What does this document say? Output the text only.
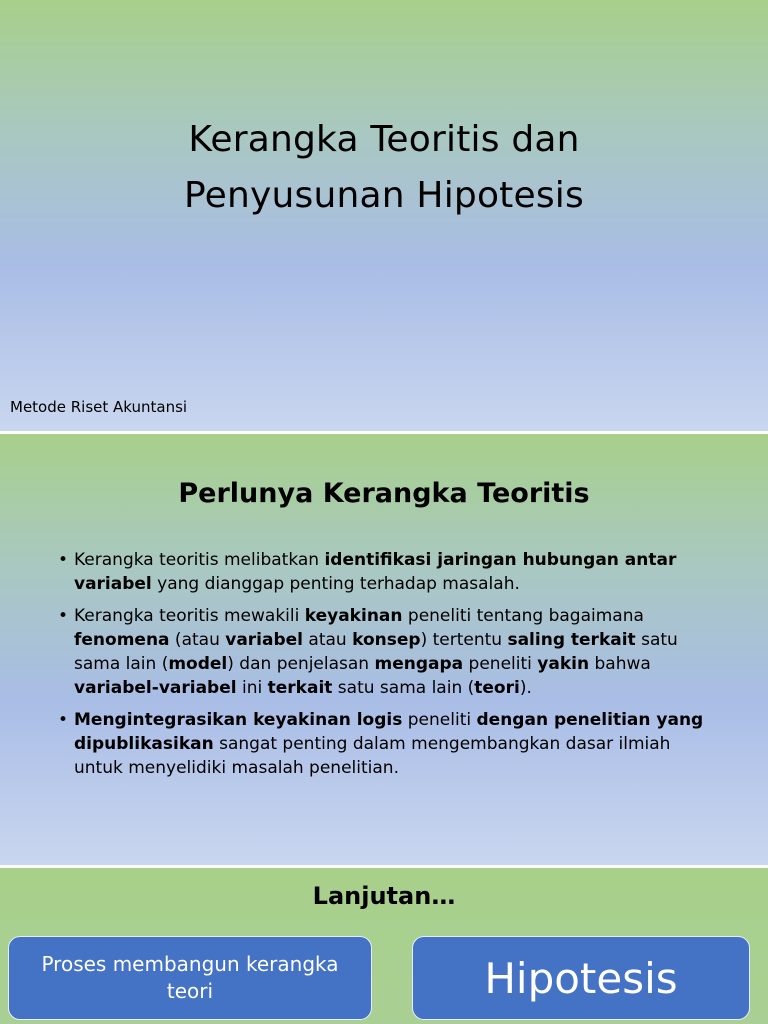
Kerangka Teoritis dan
Penyusunan Hipotesis
Metode Riset Akuntansi
Perlunya Kerangka Teoritis
• Kerangka teoritis melibatkan identifikasi jaringan hubungan antar variabel yang dianggap penting terhadap masalah.
• Kerangka teoritis mewakili keyakinan peneliti tentang bagaimana fenomena (atau variabel atau konsep) tertentu saling terkait satu sama lain (model) dan penjelasan mengapa peneliti yakin bahwa variabel-variabel ini terkait satu sama lain (teori).
• Mengintegrasikan keyakinan logis peneliti dengan penelitian yang dipublikasikan sangat penting dalam mengembangkan dasar ilmiah untuk menyelidiki masalah penelitian.
Lanjutan…
Proses membangun kerangka teori	Hipotesis
